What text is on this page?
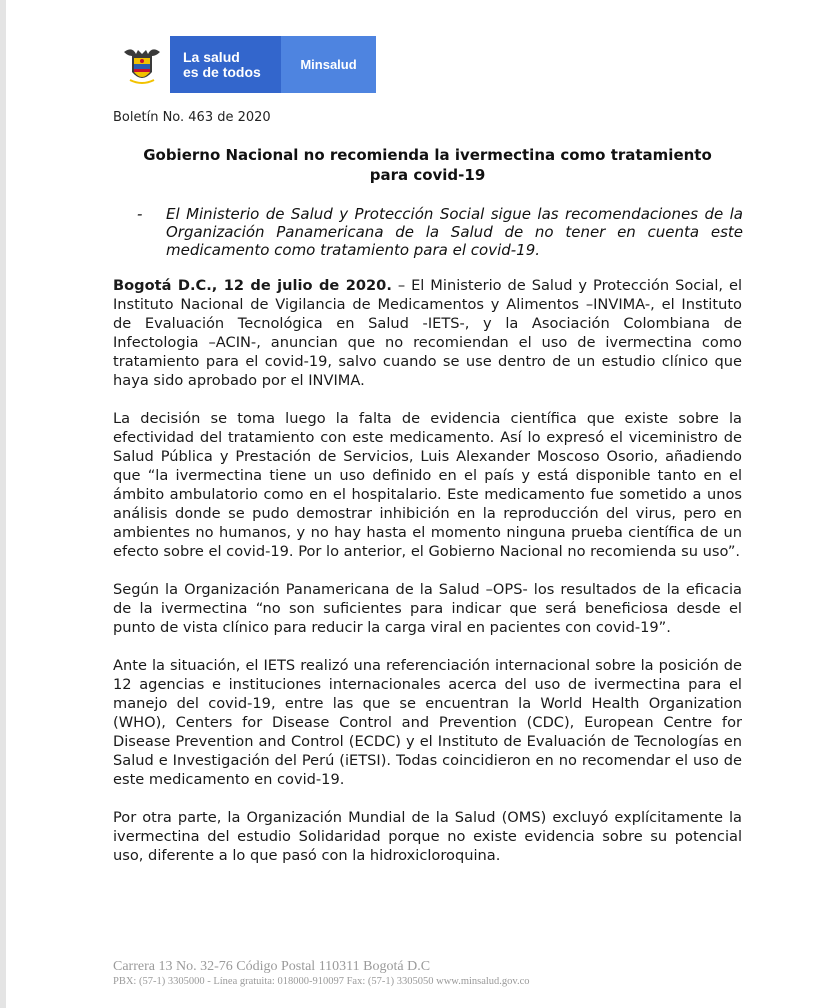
La salud
es de todos	Minsalud
Boletín No. 463 de 2020
Gobierno Nacional no recomienda la ivermectina como tratamiento
para covid-19
- El Ministerio de Salud y Protección Social sigue las recomendaciones de la Organización Panamericana de la Salud de no tener en cuenta este medicamento como tratamiento para el covid-19.

Bogotá D.C., 12 de julio de 2020. – El Ministerio de Salud y Protección Social, el Instituto Nacional de Vigilancia de Medicamentos y Alimentos –INVIMA-, el Instituto de Evaluación Tecnológica en Salud -IETS-, y la Asociación Colombiana de Infectologia –ACIN-, anuncian que no recomiendan el uso de ivermectina como tratamiento para el covid-19, salvo cuando se use dentro de un estudio clínico que haya sido aprobado por el INVIMA.

La decisión se toma luego la falta de evidencia científica que existe sobre la efectividad del tratamiento con este medicamento. Así lo expresó el viceministro de Salud Pública y Prestación de Servicios, Luis Alexander Moscoso Osorio, añadiendo que “la ivermectina tiene un uso definido en el país y está disponible tanto en el ámbito ambulatorio como en el hospitalario. Este medicamento fue sometido a unos análisis donde se pudo demostrar inhibición en la reproducción del virus, pero en ambientes no humanos, y no hay hasta el momento ninguna prueba científica de un efecto sobre el covid-19. Por lo anterior, el Gobierno Nacional no recomienda su uso”.

Según la Organización Panamericana de la Salud –OPS- los resultados de la eficacia de la ivermectina “no son suficientes para indicar que será beneficiosa desde el punto de vista clínico para reducir la carga viral en pacientes con covid-19”.

Ante la situación, el IETS realizó una referenciación internacional sobre la posición de 12 agencias e instituciones internacionales acerca del uso de ivermectina para el manejo del covid-19, entre las que se encuentran la World Health Organization (WHO), Centers for Disease Control and Prevention (CDC), European Centre for Disease Prevention and Control (ECDC) y el Instituto de Evaluación de Tecnologías en Salud e Investigación del Perú (iETSI). Todas coincidieron en no recomendar el uso de este medicamento en covid-19.

Por otra parte, la Organización Mundial de la Salud (OMS) excluyó explícitamente la ivermectina del estudio Solidaridad porque no existe evidencia sobre su potencial uso, diferente a lo que pasó con la hidroxicloroquina.

Carrera 13 No. 32-76 Código Postal 110311 Bogotá D.C
PBX: (57-1) 3305000 - Línea gratuita: 018000-910097 Fax: (57-1) 3305050 www.minsalud.gov.co
